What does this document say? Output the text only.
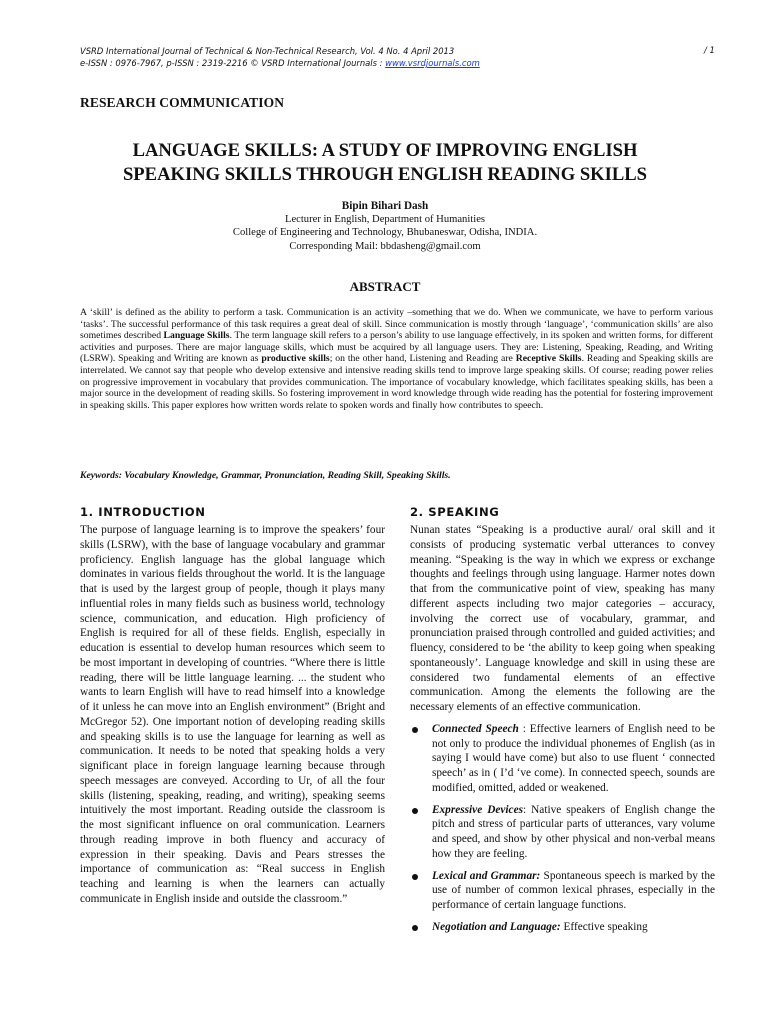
VSRD International Journal of Technical & Non-Technical Research, Vol. 4 No. 4 April 2013
e-ISSN : 0976-7967, p-ISSN : 2319-2216 © VSRD International Journals : www.vsrdjournals.com
/ 1
RESEARCH COMMUNICATION
LANGUAGE SKILLS: A STUDY OF IMPROVING ENGLISH
SPEAKING SKILLS THROUGH ENGLISH READING SKILLS
Bipin Bihari Dash
Lecturer in English, Department of Humanities
College of Engineering and Technology, Bhubaneswar, Odisha, INDIA.
Corresponding Mail: bbdasheng@gmail.com
ABSTRACT
A ‘skill’ is defined as the ability to perform a task. Communication is an activity –something that we do. When we communicate, we have to perform various ‘tasks’. The successful performance of this task requires a great deal of skill. Since communication is mostly through ‘language’, ‘communication skills’ are also sometimes described Language Skills. The term language skill refers to a person’s ability to use language effectively, in its spoken and written forms, for different activities and purposes. There are major language skills, which must be acquired by all language users. They are: Listening, Speaking, Reading, and Writing (LSRW). Speaking and Writing are known as productive skills; on the other hand, Listening and Reading are Receptive Skills. Reading and Speaking skills are interrelated. We cannot say that people who develop extensive and intensive reading skills tend to improve large speaking skills. Of course; reading power relies on progressive improvement in vocabulary that provides communication. The importance of vocabulary knowledge, which facilitates speaking skills, has been a major source in the development of reading skills. So fostering improvement in word knowledge through wide reading has the potential for fostering improvement in speaking skills. This paper explores how written words relate to spoken words and finally how contributes to speech.
Keywords: Vocabulary Knowledge, Grammar, Pronunciation, Reading Skill, Speaking Skills.
1. INTRODUCTION

The purpose of language learning is to improve the speakers’ four skills (LSRW), with the base of language vocabulary and grammar proficiency. English language has the global language which dominates in various fields throughout the world. It is the language that is used by the largest group of people, though it plays many influential roles in many fields such as business world, technology science, communication, and education. High proficiency of English is required for all of these fields. English, especially in education is essential to develop human resources which seem to be most important in developing of countries. “Where there is little reading, there will be little language learning. ... the student who wants to learn English will have to read himself into a knowledge of it unless he can move into an English environment” (Bright and McGregor 52). One important notion of developing reading skills and speaking skills is to use the language for learning as well as communication. It needs to be noted that speaking holds a very significant place in foreign language learning because through speech messages are conveyed. According to Ur, of all the four skills (listening, speaking, reading, and writing), speaking seems intuitively the most important. Reading outside the classroom is the most significant influence on oral communication. Learners through reading improve in both fluency and accuracy of expression in their speaking. Davis and Pears stresses the importance of communication as: “Real success in English teaching and learning is when the learners can actually communicate in English inside and outside the classroom.”

2. SPEAKING

Nunan states “Speaking is a productive aural/ oral skill and it consists of producing systematic verbal utterances to convey meaning. “Speaking is the way in which we express or exchange thoughts and feelings through using language. Harmer notes down that from the communicative point of view, speaking has many different aspects including two major categories – accuracy, involving the correct use of vocabulary, grammar, and pronunciation praised through controlled and guided activities; and fluency, considered to be ‘the ability to keep going when speaking spontaneously’. Language knowledge and skill in using these are considered two fundamental elements of an effective communication. Among the elements the following are the necessary elements of an effective communication.

Connected Speech : Effective learners of English need to be not only to produce the individual phonemes of English (as in saying I would have come) but also to use fluent ‘ connected speech’ as in ( I’d ‘ve come). In connected speech, sounds are modified, omitted, added or weakened.
Expressive Devices: Native speakers of English change the pitch and stress of particular parts of utterances, vary volume and speed, and show by other physical and non-verbal means how they are feeling.
Lexical and Grammar: Spontaneous speech is marked by the use of number of common lexical phrases, especially in the performance of certain language functions.
Negotiation and Language: Effective speaking
